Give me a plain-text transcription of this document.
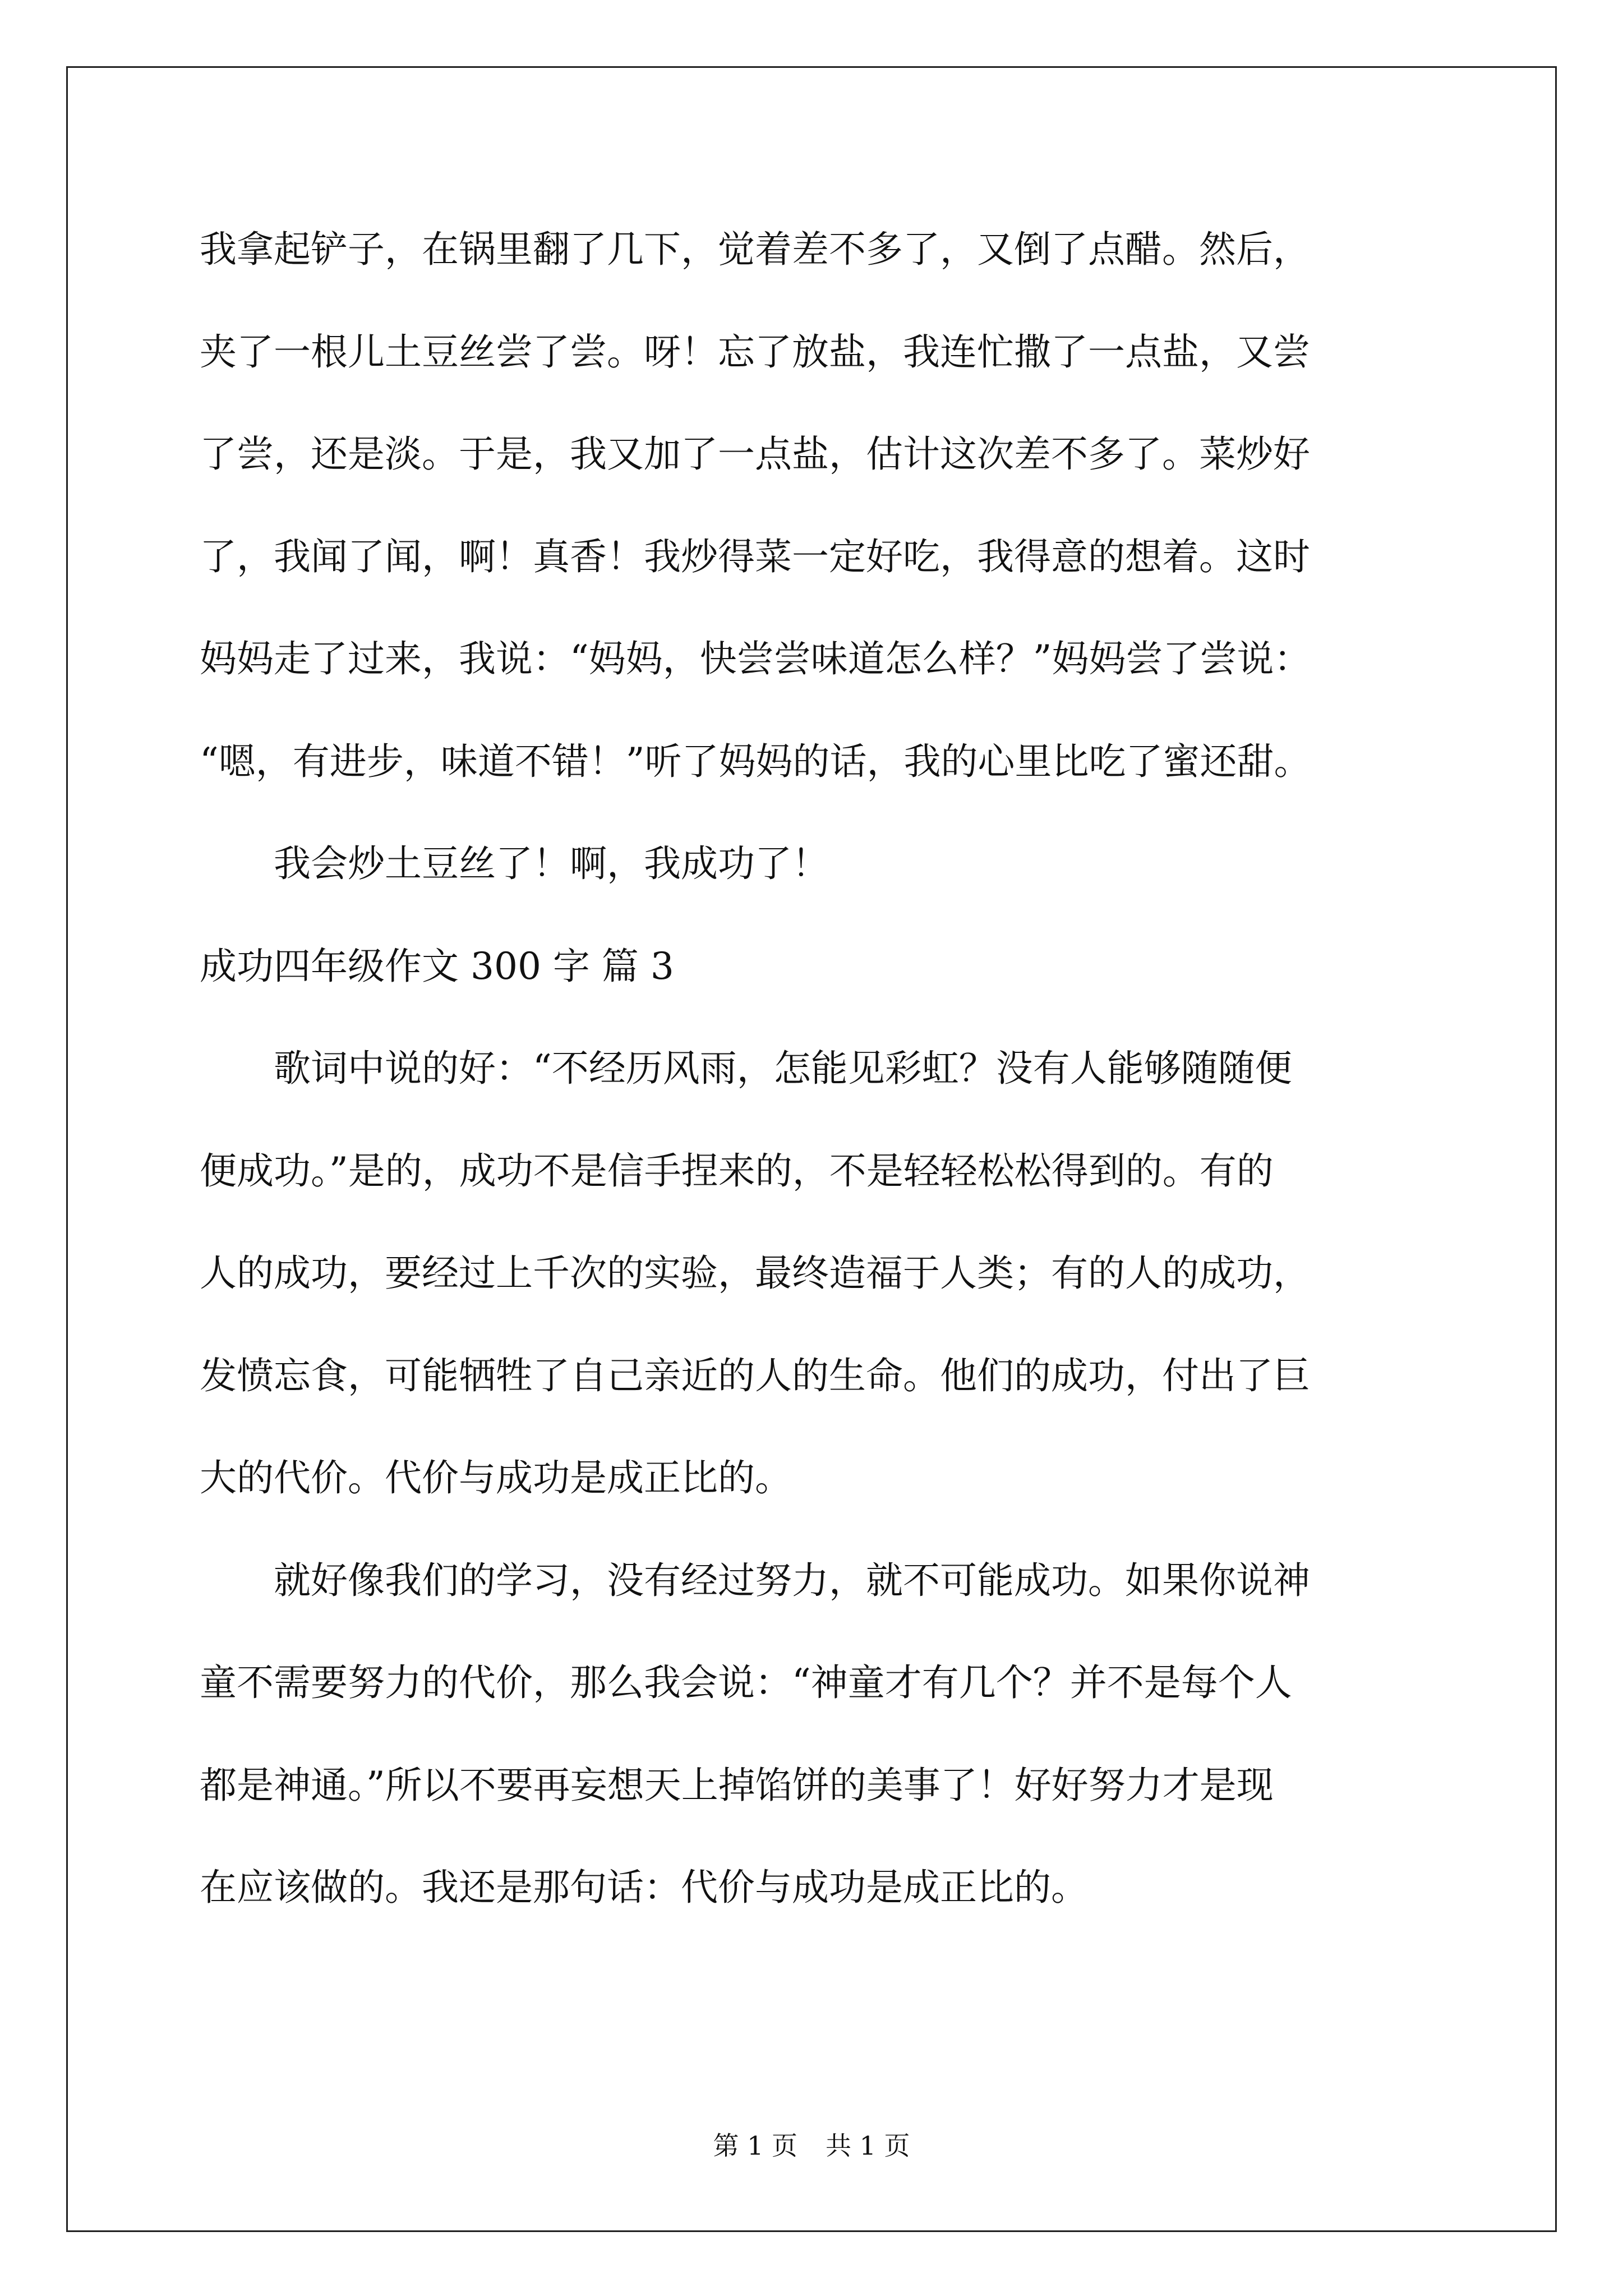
我拿起铲子，在锅里翻了几下，觉着差不多了，又倒了点醋。然后，
夹了一根儿土豆丝尝了尝。呀！忘了放盐，我连忙撒了一点盐，又尝
了尝，还是淡。于是，我又加了一点盐，估计这次差不多了。菜炒好
了，我闻了闻，啊！真香！我炒得菜一定好吃，我得意的想着。这时
妈妈走了过来，我说：“妈妈，快尝尝味道怎么样？”妈妈尝了尝说：
“嗯，有进步，味道不错！”听了妈妈的话，我的心里比吃了蜜还甜。
我会炒土豆丝了！啊，我成功了！
成功四年级作文 300 字 篇 3
歌词中说的好：“不经历风雨，怎能见彩虹？没有人能够随随便
便成功。”是的，成功不是信手捏来的，不是轻轻松松得到的。有的
人的成功，要经过上千次的实验，最终造福于人类；有的人的成功，
发愤忘食，可能牺牲了自己亲近的人的生命。他们的成功，付出了巨
大的代价。代价与成功是成正比的。
就好像我们的学习，没有经过努力，就不可能成功。如果你说神
童不需要努力的代价，那么我会说：“神童才有几个？并不是每个人
都是神通。”所以不要再妄想天上掉馅饼的美事了！好好努力才是现
在应该做的。我还是那句话：代价与成功是成正比的。
第 1 页 共 1 页
